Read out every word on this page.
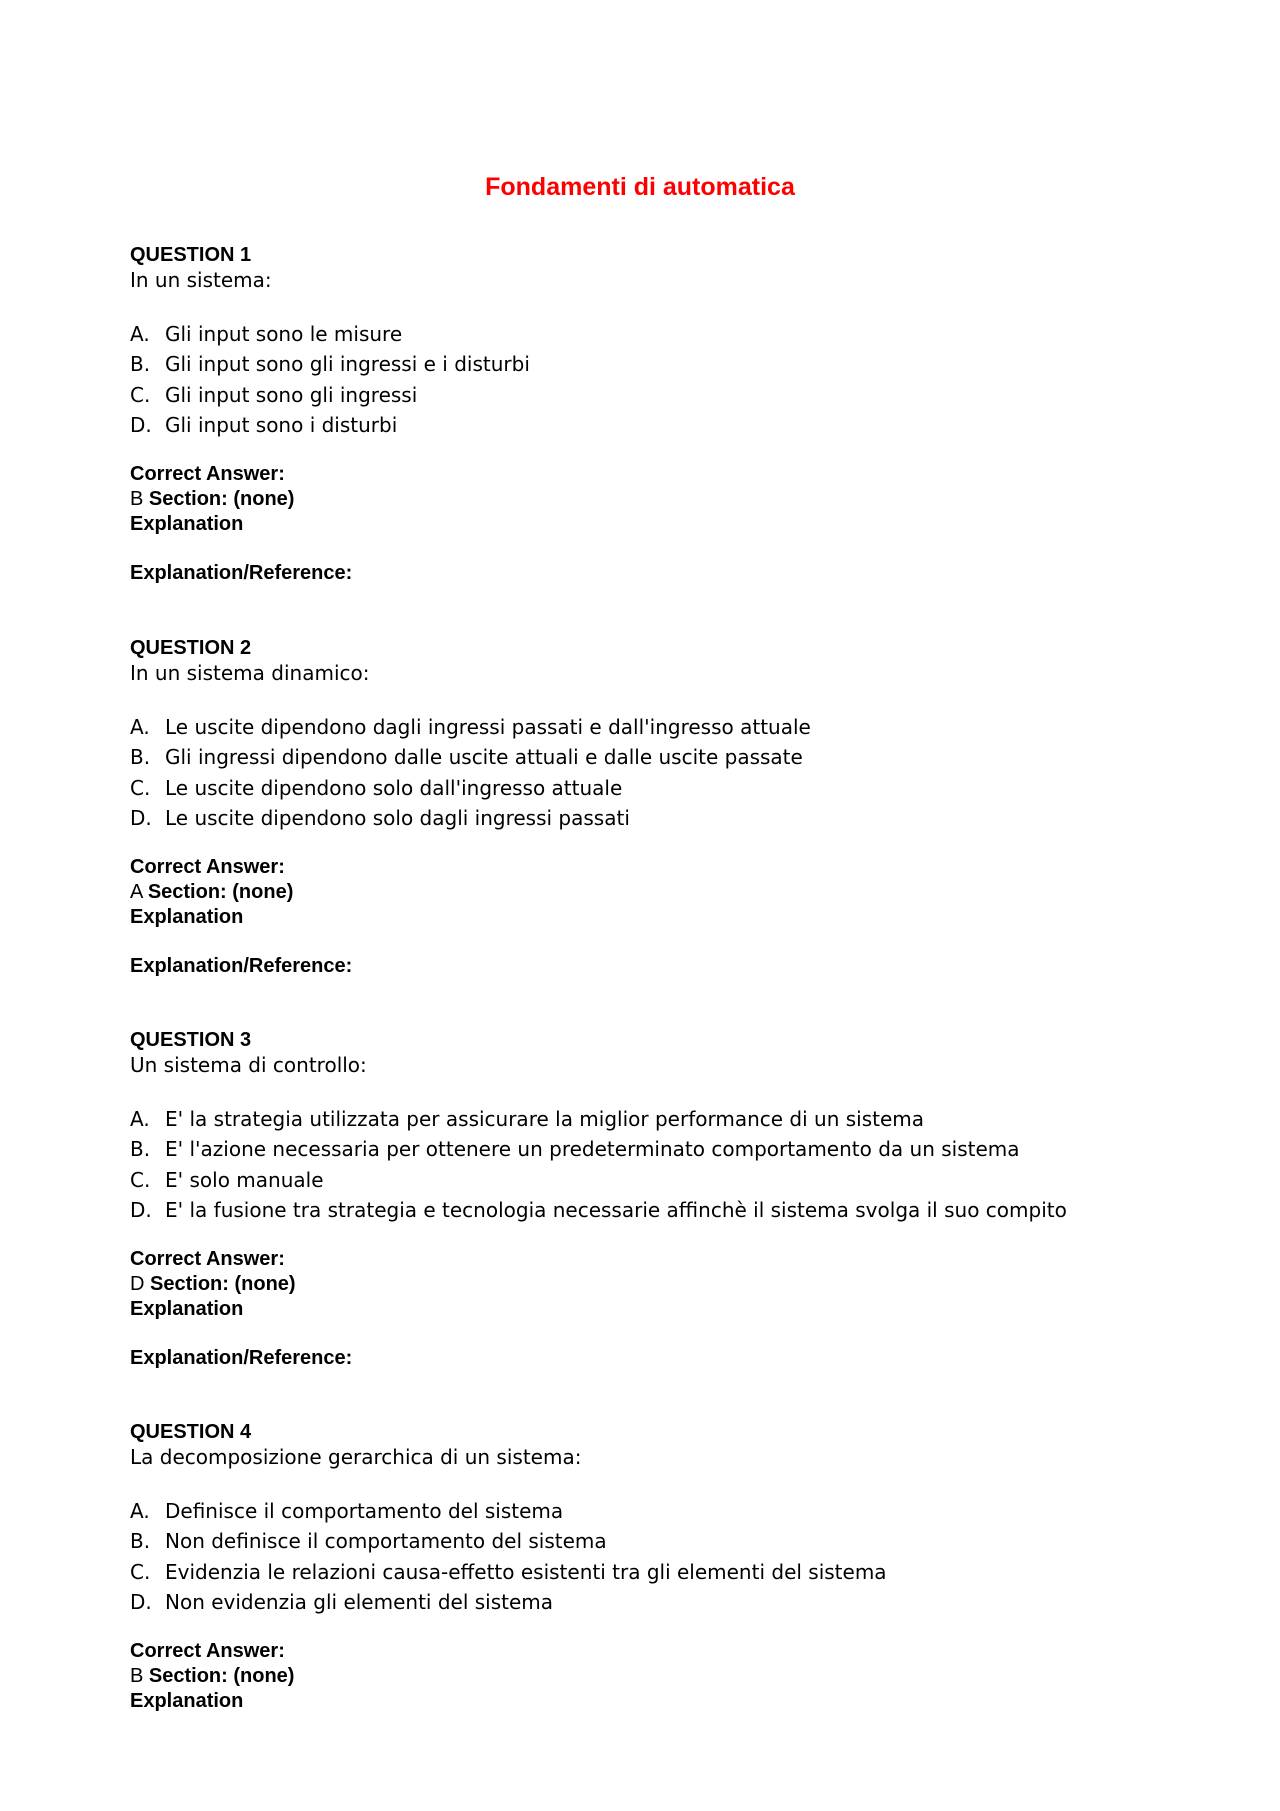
Fondamenti di automatica
QUESTION 1
In un sistema:
A. Gli input sono le misure
B. Gli input sono gli ingressi e i disturbi
C. Gli input sono gli ingressi
D. Gli input sono i disturbi
Correct Answer:
B Section: (none)
Explanation
Explanation/Reference:
QUESTION 2
In un sistema dinamico:
A. Le uscite dipendono dagli ingressi passati e dall'ingresso attuale
B. Gli ingressi dipendono dalle uscite attuali e dalle uscite passate
C. Le uscite dipendono solo dall'ingresso attuale
D. Le uscite dipendono solo dagli ingressi passati
Correct Answer:
A Section: (none)
Explanation
Explanation/Reference:
QUESTION 3
Un sistema di controllo:
A. E' la strategia utilizzata per assicurare la miglior performance di un sistema
B. E' l'azione necessaria per ottenere un predeterminato comportamento da un sistema
C. E' solo manuale
D. E' la fusione tra strategia e tecnologia necessarie affinchè il sistema svolga il suo compito
Correct Answer:
D Section: (none)
Explanation
Explanation/Reference:
QUESTION 4
La decomposizione gerarchica di un sistema:
A. Definisce il comportamento del sistema
B. Non definisce il comportamento del sistema
C. Evidenzia le relazioni causa-effetto esistenti tra gli elementi del sistema
D. Non evidenzia gli elementi del sistema
Correct Answer:
B Section: (none)
Explanation
